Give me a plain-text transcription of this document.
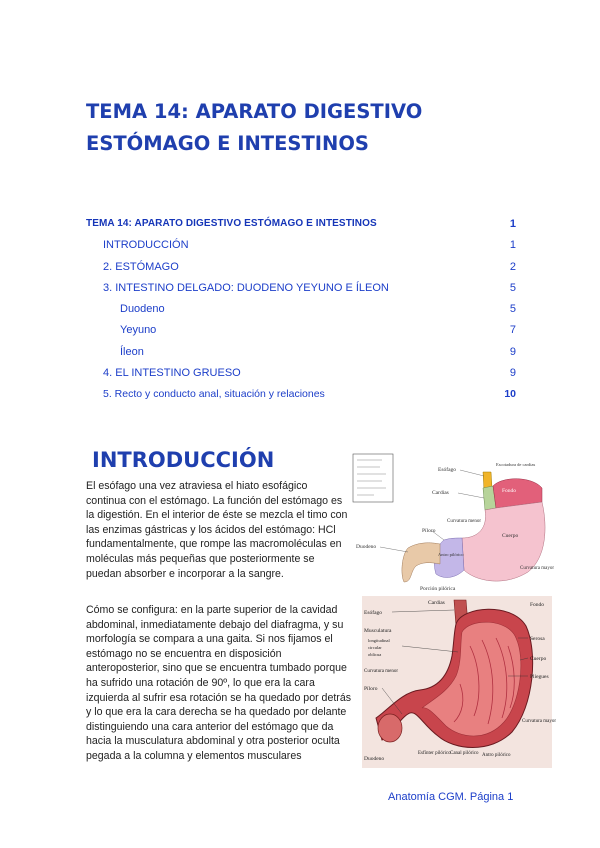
TEMA 14: APARATO DIGESTIVO
ESTÓMAGO E INTESTINOS
TEMA 14: APARATO DIGESTIVO ESTÓMAGO E INTESTINOS	1
INTRODUCCIÓN	1
2. ESTÓMAGO	2
3. INTESTINO DELGADO: DUODENO YEYUNO E ÍLEON	5
Duodeno	5
Yeyuno	7
Íleon	9
4. EL INTESTINO GRUESO	9
5. Recto y conducto anal, situación y relaciones	10
INTRODUCCIÓN

El esófago una vez atraviesa el hiato esofágico continua con el estómago. La función del estómago es la digestión. En el interior de éste se mezcla el timo con las enzimas gástricas y los ácidos del estómago: HCl fundamentalmente, que rompe las macromoléculas en moléculas más pequeñas que posteriormente se puedan absorber e incorporar a la sangre.

Cómo se configura: en la parte superior de la cavidad abdominal, inmediatamente debajo del diafragma, y su morfología se compara a una gaita. Si nos fijamos el estómago no se encuentra en disposición anteroposterior, sino que se encuentra tumbado porque ha sufrido una rotación de 90º, lo que era la cara izquierda al sufrir esa rotación se ha quedado por detrás y lo que era la cara derecha se ha quedado por delante distinguiendo una cara anterior del estómago que da hacia la musculatura abdominal y otra posterior oculta pegada a la columna y elementos musculares

Esófago
Cardias	Fondo
Cuerpo
Curvatura menor
Curvatura mayor
Píloro
Duodeno
Antro pilórico
Porción pilórica
Escotadura de cardias
Cardias	Fondo
Esófago
Musculatura
longitudinal
circular
oblicua
Serosa
Cuerpo
Pliegues
Curvatura menor
Curvatura mayor
Píloro
Duodeno
Esfínter pilórico Canal pilórico Antro pilórico
Anatomía CGM. Página 1
